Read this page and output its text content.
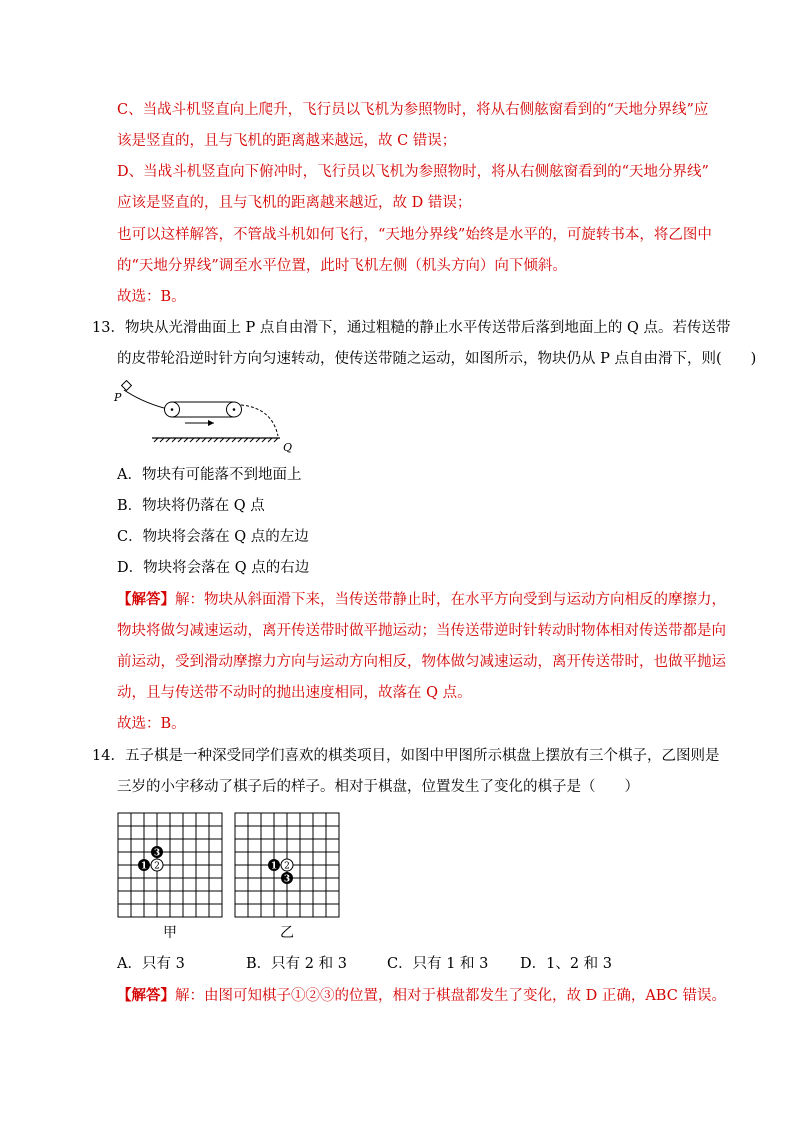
C、当战斗机竖直向上爬升，飞行员以飞机为参照物时，将从右侧舷窗看到的“天地分界线”应
该是竖直的，且与飞机的距离越来越远，故 C 错误；
D、当战斗机竖直向下俯冲时，飞行员以飞机为参照物时，将从右侧舷窗看到的“天地分界线”
应该是竖直的，且与飞机的距离越来越近，故 D 错误；
也可以这样解答，不管战斗机如何飞行，“天地分界线”始终是水平的，可旋转书本，将乙图中
的“天地分界线”调至水平位置，此时飞机左侧（机头方向）向下倾斜。
故选：B。
13．物块从光滑曲面上 P 点自由滑下，通过粗糙的静止水平传送带后落到地面上的 Q 点。若传送带
的皮带轮沿逆时针方向匀速转动，使传送带随之运动，如图所示，物块仍从 P 点自由滑下，则(　　)
P
Q
A．物块有可能落不到地面上
B．物块将仍落在 Q 点
C．物块将会落在 Q 点的左边
D．物块将会落在 Q 点的右边
【解答】解：物块从斜面滑下来，当传送带静止时，在水平方向受到与运动方向相反的摩擦力，
物块将做匀减速运动，离开传送带时做平抛运动；当传送带逆时针转动时物体相对传送带都是向
前运动，受到滑动摩擦力方向与运动方向相反，物体做匀减速运动，离开传送带时，也做平抛运
动，且与传送带不动时的抛出速度相同，故落在 Q 点。
故选：B。
14．五子棋是一种深受同学们喜欢的棋类项目，如图中甲图所示棋盘上摆放有三个棋子，乙图则是
三岁的小宇移动了棋子后的样子。相对于棋盘，位置发生了变化的棋子是（　　）
3
1 2
甲
1 2
3
乙
A．只有 3	B．只有 2 和 3	C．只有 1 和 3 D．1、2 和 3
【解答】解：由图可知棋子①②③的位置，相对于棋盘都发生了变化，故 D 正确，ABC 错误。
